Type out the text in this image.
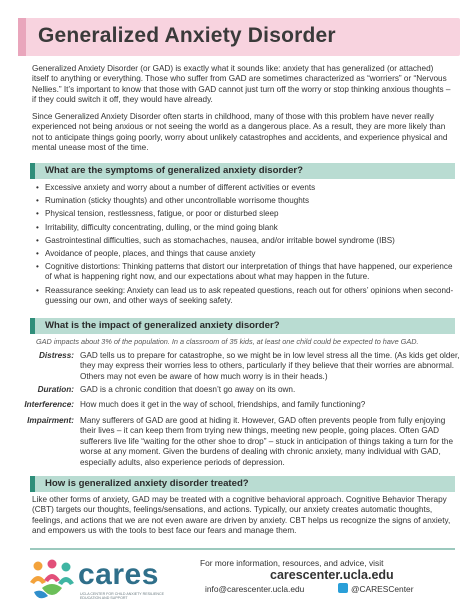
Generalized Anxiety Disorder

Generalized Anxiety Disorder (or GAD) is exactly what it sounds like: anxiety that has generalized (or attached) itself to anything or everything. Those who suffer from GAD are sometimes characterized as “worriers” or “Nervous Nellies.” It’s important to know that those with GAD cannot just turn off the worry or stop thinking anxious thoughts – if they could switch it off, they would have already.

Since Generalized Anxiety Disorder often starts in childhood, many of those with this problem have never really experienced not being anxious or not seeing the world as a dangerous place. As a result, they are more likely than not to anticipate things going poorly, worry about unlikely catastrophes and accidents, and experience physical and mental unease most of the time.

What are the symptoms of generalized anxiety disorder?
• Excessive anxiety and worry about a number of different activities or events
• Rumination (sticky thoughts) and other uncontrollable worrisome thoughts
• Physical tension, restlessness, fatigue, or poor or disturbed sleep
• Irritability, difficulty concentrating, dulling, or the mind going blank
• Gastrointestinal difficulties, such as stomachaches, nausea, and/or irritable bowel syndrome (IBS)
• Avoidance of people, places, and things that cause anxiety
• Cognitive distortions: Thinking patterns that distort our interpretation of things that have happened, our experience of what is happening right now, and our expectations about what may happen in the future.
• Reassurance seeking: Anxiety can lead us to ask repeated questions, reach out for others’ opinions when second-guessing our own, and other ways of seeking safety.
What is the impact of generalized anxiety disorder?
GAD impacts about 3% of the population. In a classroom of 35 kids, at least one child could be expected to have GAD.
Distress: GAD tells us to prepare for catastrophe, so we might be in low level stress all the time. (As kids get older, they may express their worries less to others, particularly if they believe that their worries are abnormal. Others may not even be aware of how much worry is in their heads.)
Duration: GAD is a chronic condition that doesn’t go away on its own.
Interference: How much does it get in the way of school, friendships, and family functioning?
Impairment: Many sufferers of GAD are good at hiding it. However, GAD often prevents people from fully enjoying their lives – it can keep them from trying new things, meeting new people, going places. Often GAD sufferers live life “waiting for the other shoe to drop” – stuck in anticipation of things taking a turn for the worse at any moment. Given the burdens of dealing with chronic anxiety, many individual with GAD, especially adults, also experience periods of depression.
How is generalized anxiety disorder treated?

Like other forms of anxiety, GAD may be treated with a cognitive behavioral approach. Cognitive Behavior Therapy (CBT) targets our thoughts, feelings/sensations, and actions. Typically, our anxiety creates automatic thoughts, feelings, and actions that we are not even aware are driven by anxiety. CBT helps us recognize the signs of anxiety, and empowers us with the tools to best face our fears and manage them.

cares
UCLA CENTER FOR CHILD ANXIETY RESILIENCE EDUCATION AND SUPPORT
For more information, resources, and advice, visit
carescenter.ucla.edu
info@carescenter.ucla.edu	@CARESCenter
